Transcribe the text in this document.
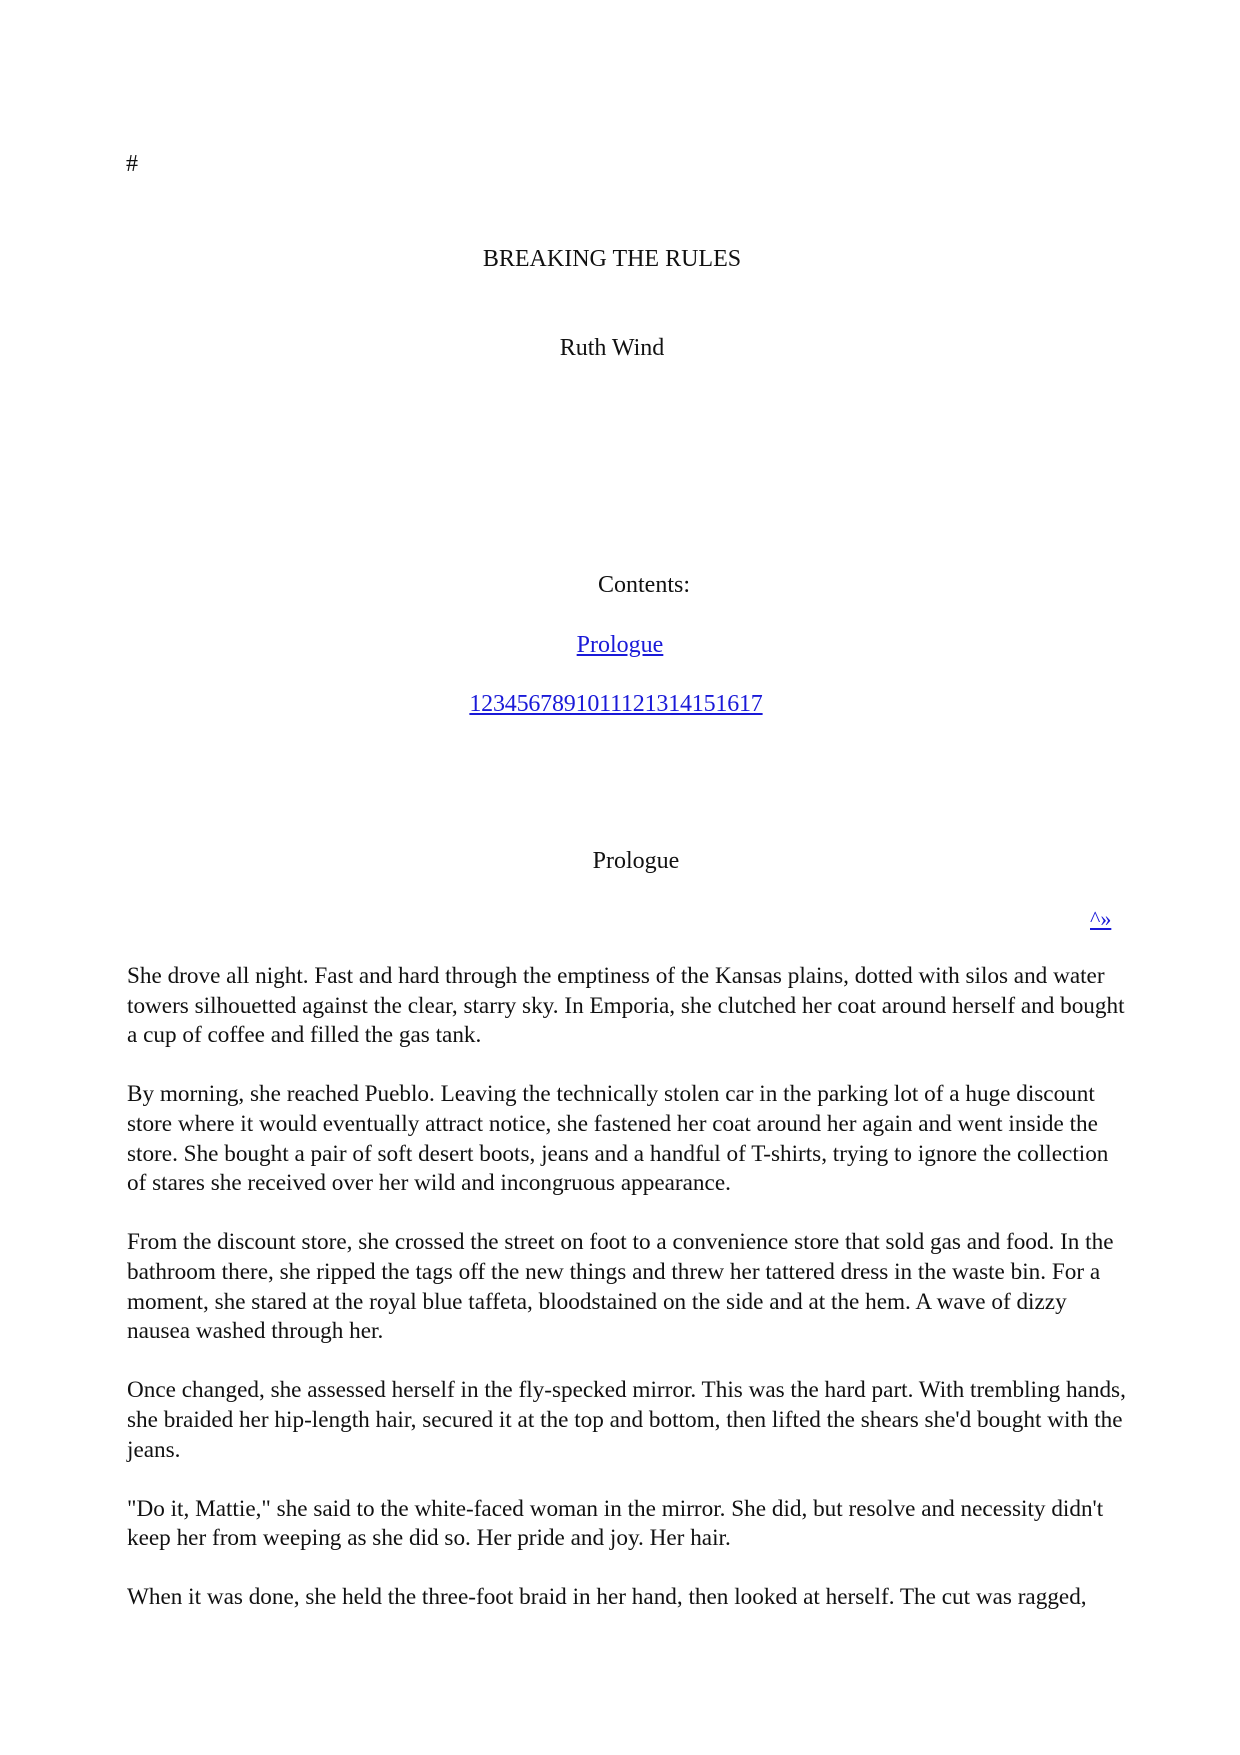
#
BREAKING THE RULES
Ruth Wind
Contents:
Prologue
1234567891011121314151617
Prologue
^»

She drove all night. Fast and hard through the emptiness of the Kansas plains, dotted with silos and water towers silhouetted against the clear, starry sky. In Emporia, she clutched her coat around herself and bought a cup of coffee and filled the gas tank.

By morning, she reached Pueblo. Leaving the technically stolen car in the parking lot of a huge discount store where it would eventually attract notice, she fastened her coat around her again and went inside the store. She bought a pair of soft desert boots, jeans and a handful of T-shirts, trying to ignore the collection of stares she received over her wild and incongruous appearance.

From the discount store, she crossed the street on foot to a convenience store that sold gas and food. In the bathroom there, she ripped the tags off the new things and threw her tattered dress in the waste bin. For a moment, she stared at the royal blue taffeta, bloodstained on the side and at the hem. A wave of dizzy nausea washed through her.

Once changed, she assessed herself in the fly-specked mirror. This was the hard part. With trembling hands, she braided her hip-length hair, secured it at the top and bottom, then lifted the shears she'd bought with the jeans.

"Do it, Mattie," she said to the white-faced woman in the mirror. She did, but resolve and necessity didn't keep her from weeping as she did so. Her pride and joy. Her hair.

When it was done, she held the three-foot braid in her hand, then looked at herself. The cut was ragged,
